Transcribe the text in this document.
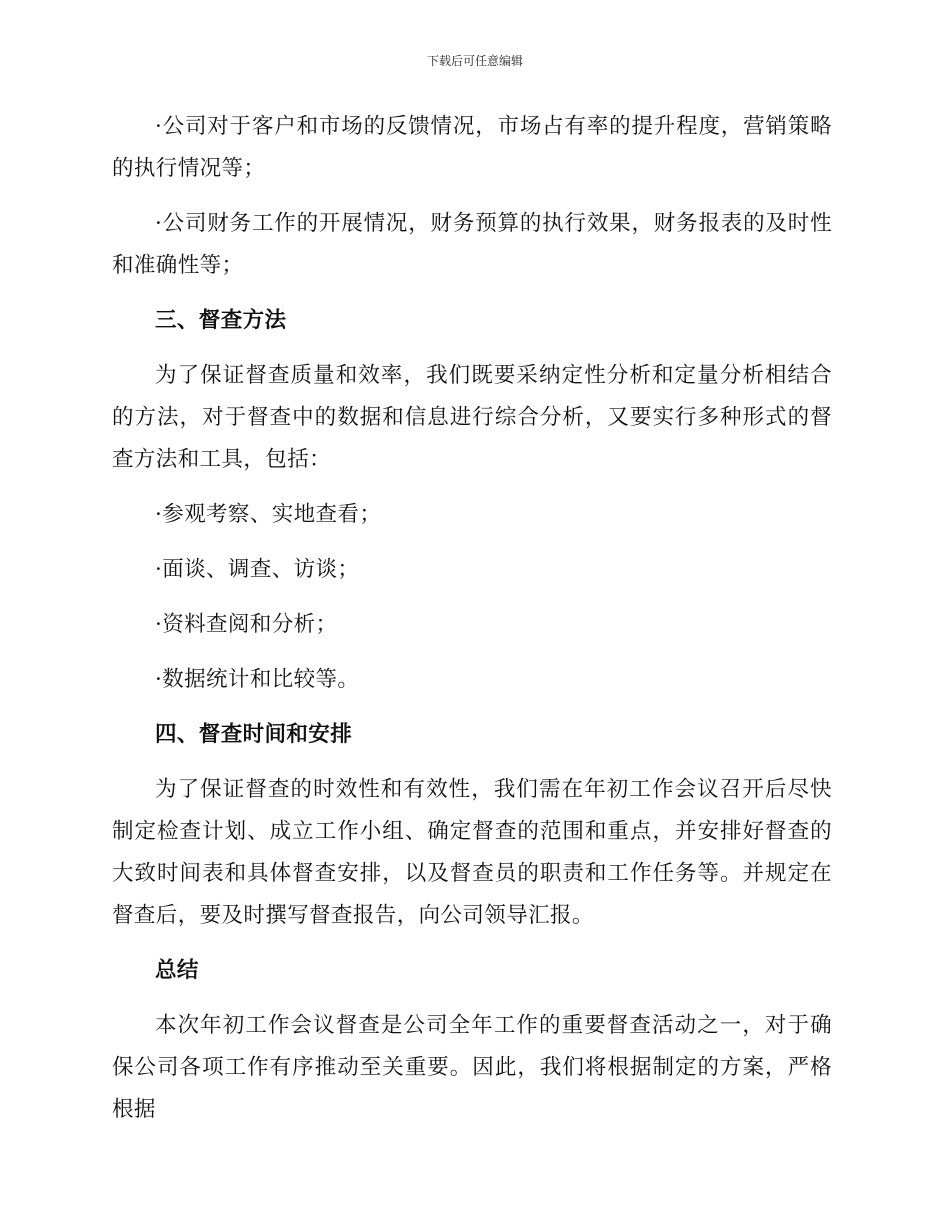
下载后可任意编辑

·公司对于客户和市场的反馈情况，市场占有率的提升程度，营销策略的执行情况等；

·公司财务工作的开展情况，财务预算的执行效果，财务报表的及时性和准确性等；

三、督查方法

为了保证督查质量和效率，我们既要采纳定性分析和定量分析相结合的方法，对于督查中的数据和信息进行综合分析，又要实行多种形式的督查方法和工具，包括：

·参观考察、实地查看；

·面谈、调查、访谈；

·资料查阅和分析；

·数据统计和比较等。

四、督查时间和安排

为了保证督查的时效性和有效性，我们需在年初工作会议召开后尽快制定检查计划、成立工作小组、确定督查的范围和重点，并安排好督查的大致时间表和具体督查安排，以及督查员的职责和工作任务等。并规定在督查后，要及时撰写督查报告，向公司领导汇报。

总结

本次年初工作会议督查是公司全年工作的重要督查活动之一，对于确保公司各项工作有序推动至关重要。因此，我们将根据制定的方案，严格根据
